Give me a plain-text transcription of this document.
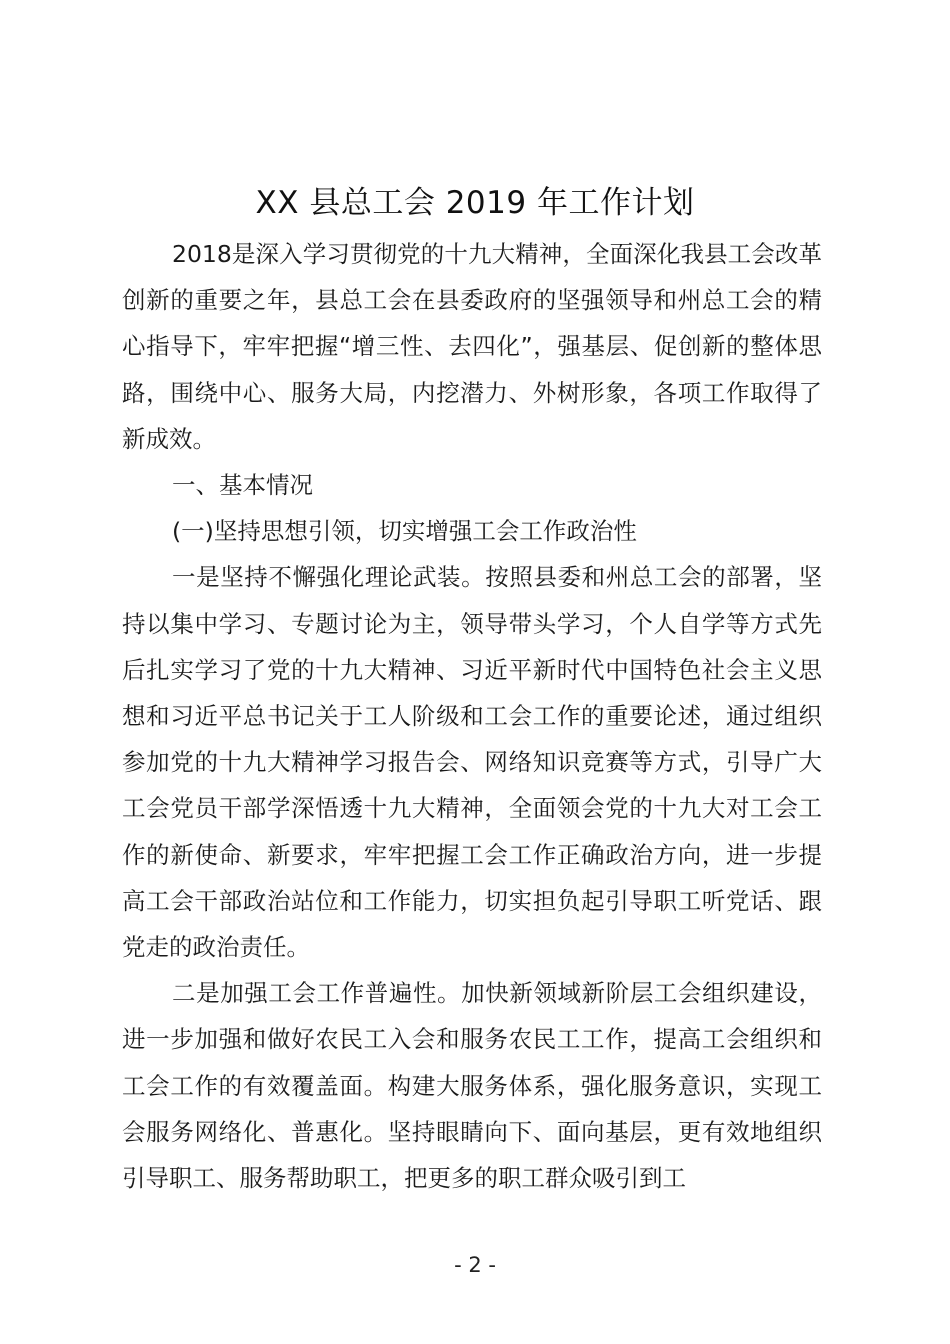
XX 县总工会 2019 年工作计划

2018是深入学习贯彻党的十九大精神，全面深化我县工会改革创新的重要之年，县总工会在县委政府的坚强领导和州总工会的精心指导下，牢牢把握“增三性、去四化”，强基层、促创新的整体思路，围绕中心、服务大局，内挖潜力、外树形象，各项工作取得了新成效。

一、基本情况

(一)坚持思想引领，切实增强工会工作政治性

一是坚持不懈强化理论武装。按照县委和州总工会的部署，坚持以集中学习、专题讨论为主，领导带头学习，个人自学等方式先后扎实学习了党的十九大精神、习近平新时代中国特色社会主义思想和习近平总书记关于工人阶级和工会工作的重要论述，通过组织参加党的十九大精神学习报告会、网络知识竞赛等方式，引导广大工会党员干部学深悟透十九大精神，全面领会党的十九大对工会工作的新使命、新要求，牢牢把握工会工作正确政治方向，进一步提高工会干部政治站位和工作能力，切实担负起引导职工听党话、跟党走的政治责任。

二是加强工会工作普遍性。加快新领域新阶层工会组织建设，进一步加强和做好农民工入会和服务农民工工作，提高工会组织和工会工作的有效覆盖面。构建大服务体系，强化服务意识，实现工会服务网络化、普惠化。坚持眼睛向下、面向基层，更有效地组织引导职工、服务帮助职工，把更多的职工群众吸引到工

- 2 -
